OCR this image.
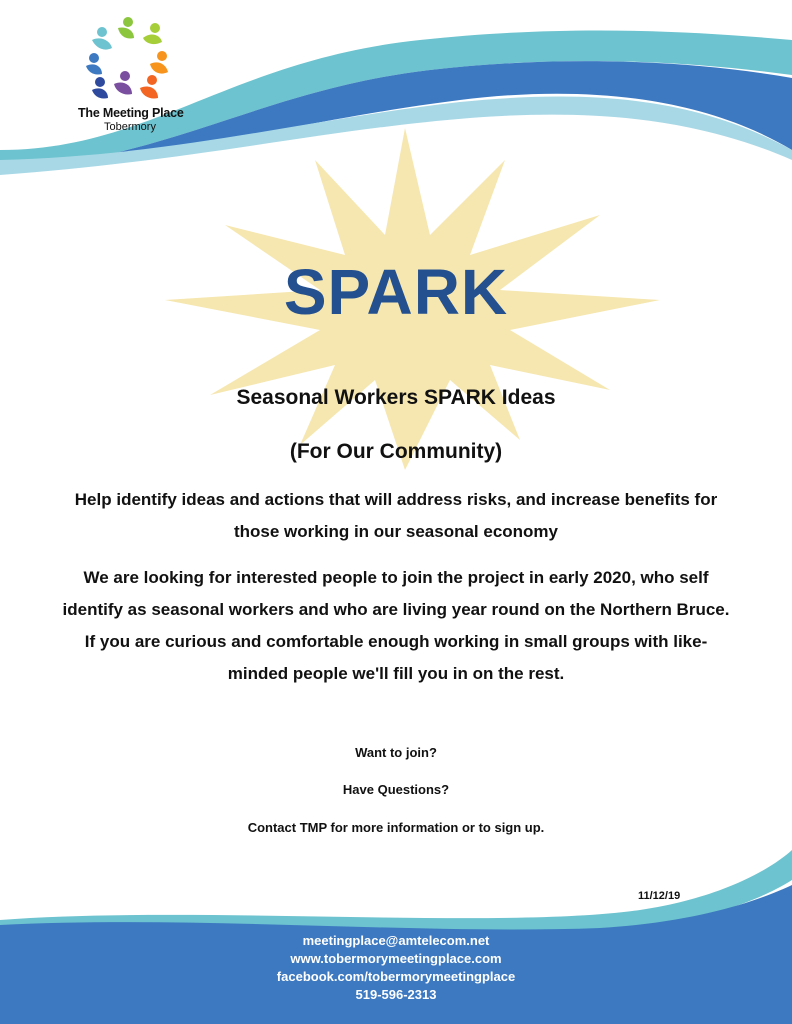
The Meeting Place
Tobermory
SPARK
Seasonal Workers SPARK Ideas
(For Our Community)
Help identify ideas and actions that will address risks, and increase benefits for those working in our seasonal economy
We are looking for interested people to join the project in early 2020, who self identify as seasonal workers and who are living year round on the Northern Bruce. If you are curious and comfortable enough working in small groups with like-minded people we'll fill you in on the rest.
Want to join?
Have Questions?
Contact TMP for more information or to sign up.
11/12/19
meetingplace@amtelecom.net
www.tobermorymeetingplace.com
facebook.com/tobermorymeetingplace
519-596-2313
